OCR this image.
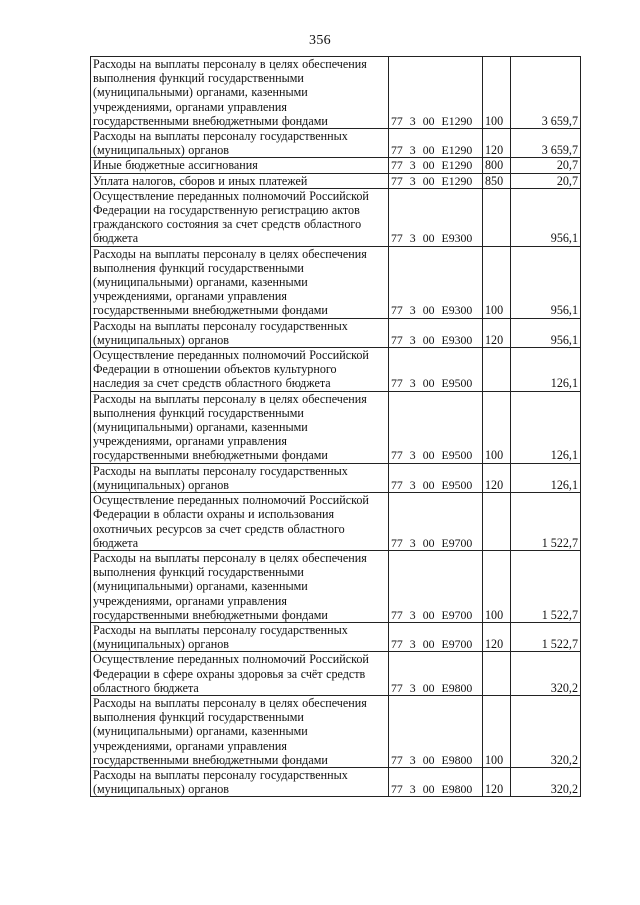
356
Расходы на выплаты персоналу в целях обеспечения выполнения функций государственными (муниципальными) органами, казенными учреждениями, органами управления государственными внебюджетными фондами	77 3 00 E1290	100	3 659,7
Расходы на выплаты персоналу государственных (муниципальных) органов	77 3 00 E1290	120	3 659,7
Иные бюджетные ассигнования	77 3 00 E1290	800	20,7
Уплата налогов, сборов и иных платежей	77 3 00 E1290	850	20,7
Осуществление переданных полномочий Российской Федерации на государственную регистрацию актов гражданского состояния за счет средств областного бюджета	77 3 00 E9300		956,1
Расходы на выплаты персоналу в целях обеспечения выполнения функций государственными (муниципальными) органами, казенными учреждениями, органами управления государственными внебюджетными фондами	77 3 00 E9300	100	956,1
Расходы на выплаты персоналу государственных (муниципальных) органов	77 3 00 E9300	120	956,1
Осуществление переданных полномочий Российской Федерации в отношении объектов культурного наследия за счет средств областного бюджета	77 3 00 E9500		126,1
Расходы на выплаты персоналу в целях обеспечения выполнения функций государственными (муниципальными) органами, казенными учреждениями, органами управления государственными внебюджетными фондами	77 3 00 E9500	100	126,1
Расходы на выплаты персоналу государственных (муниципальных) органов	77 3 00 E9500	120	126,1
Осуществление переданных полномочий Российской Федерации в области охраны и использования охотничьих ресурсов за счет средств областного бюджета	77 3 00 E9700		1 522,7
Расходы на выплаты персоналу в целях обеспечения выполнения функций государственными (муниципальными) органами, казенными учреждениями, органами управления государственными внебюджетными фондами	77 3 00 E9700	100	1 522,7
Расходы на выплаты персоналу государственных (муниципальных) органов	77 3 00 E9700	120	1 522,7
Осуществление переданных полномочий Российской Федерации в сфере охраны здоровья за счёт средств областного бюджета	77 3 00 E9800		320,2
Расходы на выплаты персоналу в целях обеспечения выполнения функций государственными (муниципальными) органами, казенными учреждениями, органами управления государственными внебюджетными фондами	77 3 00 E9800	100	320,2
Расходы на выплаты персоналу государственных (муниципальных) органов	77 3 00 E9800	120	320,2
